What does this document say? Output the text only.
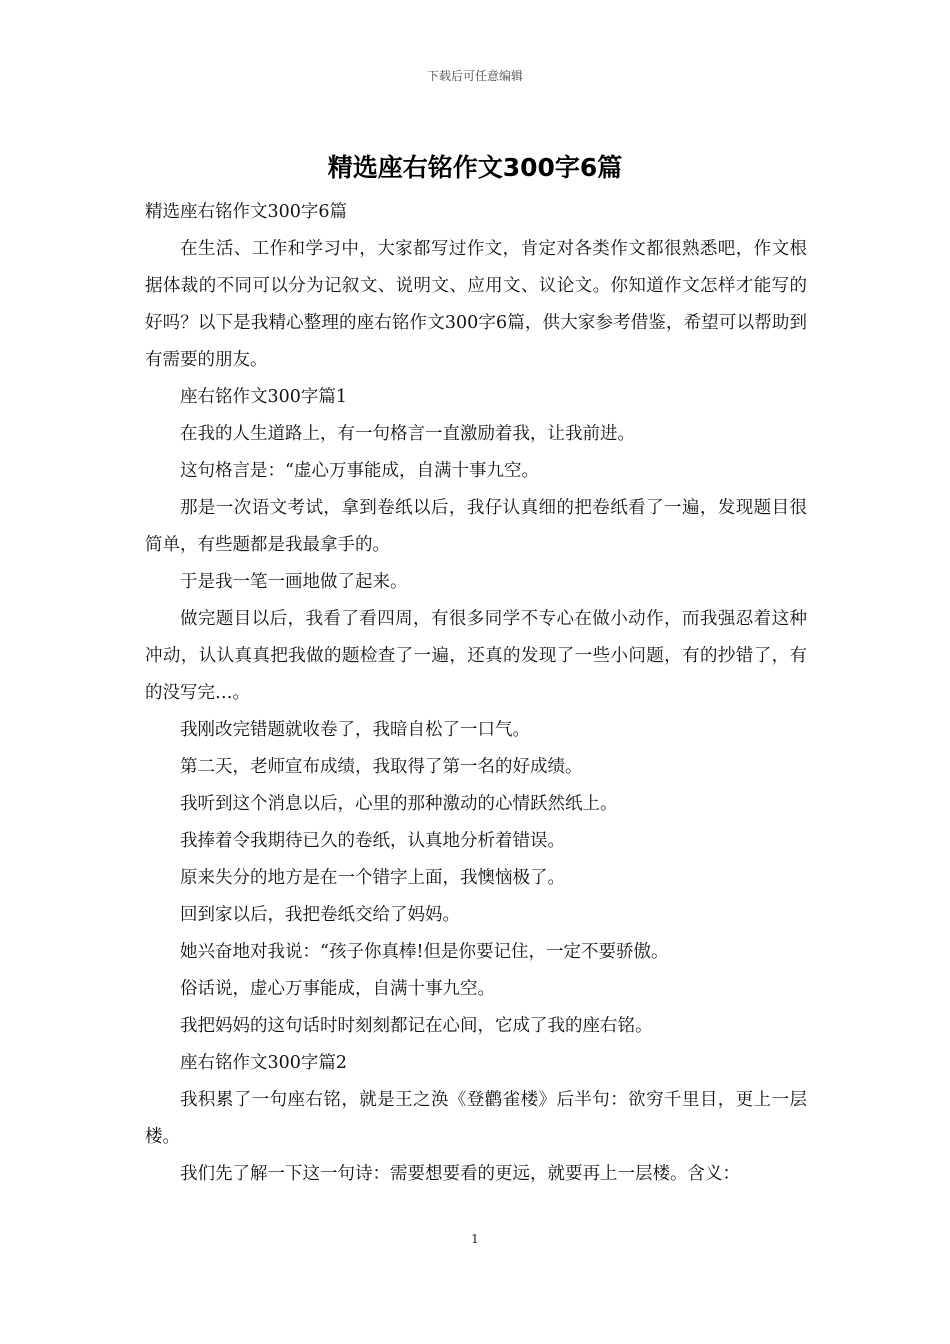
下载后可任意编辑
精选座右铭作文300字6篇

精选座右铭作文300字6篇

在生活、工作和学习中，大家都写过作文，肯定对各类作文都很熟悉吧，作文根据体裁的不同可以分为记叙文、说明文、应用文、议论文。你知道作文怎样才能写的好吗？以下是我精心整理的座右铭作文300字6篇，供大家参考借鉴，希望可以帮助到有需要的朋友。

座右铭作文300字篇1

在我的人生道路上，有一句格言一直激励着我，让我前进。

这句格言是：“虚心万事能成，自满十事九空。

那是一次语文考试，拿到卷纸以后，我仔认真细的把卷纸看了一遍，发现题目很简单，有些题都是我最拿手的。

于是我一笔一画地做了起来。

做完题目以后，我看了看四周，有很多同学不专心在做小动作，而我强忍着这种冲动，认认真真把我做的题检查了一遍，还真的发现了一些小问题，有的抄错了，有的没写完…。

我刚改完错题就收卷了，我暗自松了一口气。

第二天，老师宣布成绩，我取得了第一名的好成绩。

我听到这个消息以后，心里的那种激动的心情跃然纸上。

我捧着令我期待已久的卷纸，认真地分析着错误。

原来失分的地方是在一个错字上面，我懊恼极了。

回到家以后，我把卷纸交给了妈妈。

她兴奋地对我说：“孩子你真棒!但是你要记住，一定不要骄傲。

俗话说，虚心万事能成，自满十事九空。

我把妈妈的这句话时时刻刻都记在心间，它成了我的座右铭。

座右铭作文300字篇2

我积累了一句座右铭，就是王之涣《登鹳雀楼》后半句：欲穷千里目，更上一层楼。

我们先了解一下这一句诗：需要想要看的更远，就要再上一层楼。含义：

1
